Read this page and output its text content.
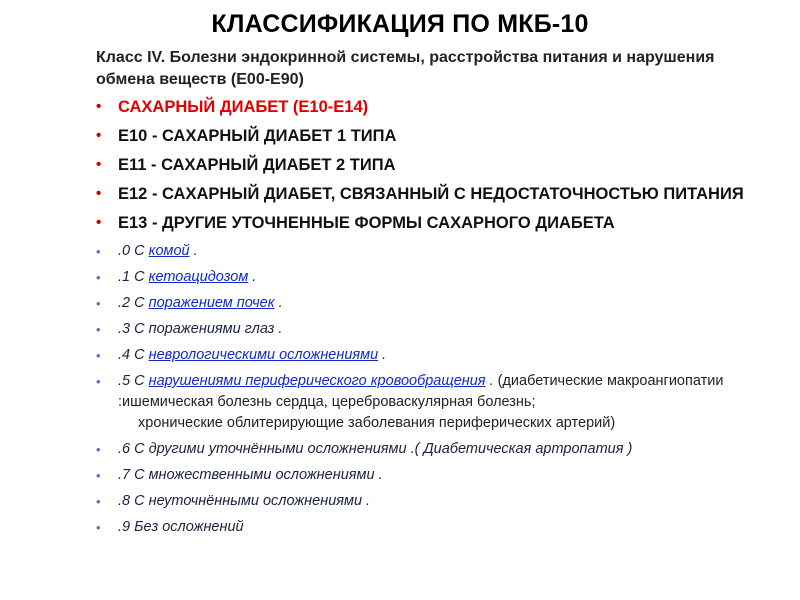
КЛАССИФИКАЦИЯ ПО МКБ-10
Класс IV. Болезни эндокринной системы, расстройства питания и нарушения обмена веществ (E00-E90)
• САХАРНЫЙ ДИАБЕТ (E10-E14)
• Е10 - САХАРНЫЙ ДИАБЕТ 1 ТИПА
• Е11 - САХАРНЫЙ ДИАБЕТ 2 ТИПА
• Е12 - САХАРНЫЙ ДИАБЕТ, СВЯЗАННЫЙ С НЕДОСТАТОЧНОСТЬЮ ПИТАНИЯ
• Е13 - ДРУГИЕ УТОЧНЕННЫЕ ФОРМЫ САХАРНОГО ДИАБЕТА
• .0 С комой .
• .1 С кетоацидозом .
• .2 С поражением почек .
• .3 С поражениями глаз .
• .4 С неврологическими осложнениями .
• .5 С нарушениями периферического кровообращения . (диабетические макроангиопатии :ишемическая болезнь сердца, цереброваскулярная болезнь;
хронические облитерирующие заболевания периферических артерий)
• .6 С другими уточнёнными осложнениями .( Диабетическая артропатия )
• .7 С множественными осложнениями .
• .8 С неуточнёнными осложнениями .
• .9 Без осложнений
